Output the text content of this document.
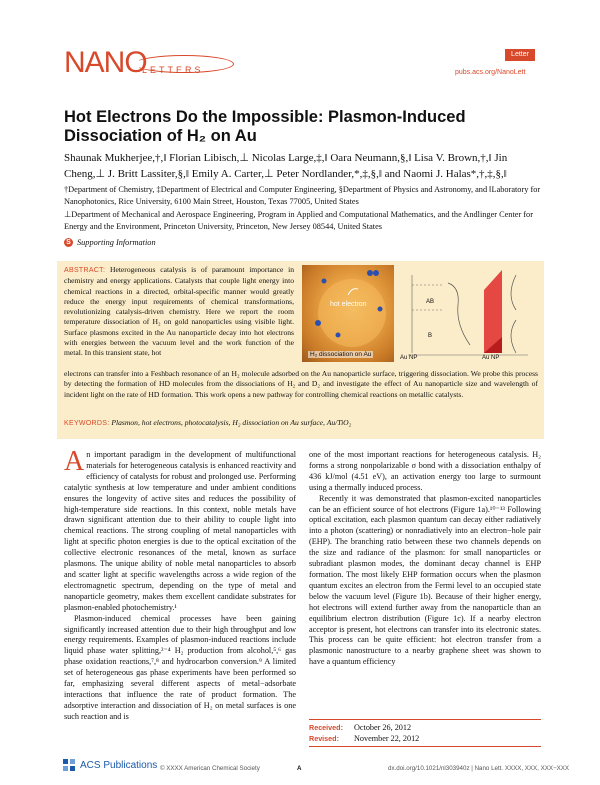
NANO
LETTERS
Letter
pubs.acs.org/NanoLett
Hot Electrons Do the Impossible: Plasmon-Induced Dissociation of H₂ on Au
Shaunak Mukherjee,†,‖ Florian Libisch,⊥ Nicolas Large,‡,‖ Oara Neumann,§,‖ Lisa V. Brown,†,‖ Jin Cheng,⊥ J. Britt Lassiter,§,‖ Emily A. Carter,⊥ Peter Nordlander,*,‡,§,‖ and Naomi J. Halas*,†,‡,§,‖
†Department of Chemistry, ‡Department of Electrical and Computer Engineering, §Department of Physics and Astronomy, and ‖Laboratory for Nanophotonics, Rice University, 6100 Main Street, Houston, Texas 77005, United States
⊥Department of Mechanical and Aerospace Engineering, Program in Applied and Computational Mathematics, and the Andlinger Center for Energy and the Environment, Princeton University, Princeton, New Jersey 08544, United States
S Supporting Information
ABSTRACT: Heterogeneous catalysis is of paramount importance in chemistry and energy applications. Catalysts that couple light energy into chemical reactions in a directed, orbital-specific manner would greatly reduce the energy input requirements of chemical transformations, revolutionizing catalysis-driven chemistry. Here we report the room temperature dissociation of H₂ on gold nanoparticles using visible light. Surface plasmons excited in the Au nanoparticle decay into hot electrons with energies between the vacuum level and the work function of the metal. In this transient state, hot
electrons can transfer into a Feshbach resonance of an H₂ molecule adsorbed on the Au nanoparticle surface, triggering dissociation. We probe this process by detecting the formation of HD molecules from the dissociations of H₂ and D₂ and investigate the effect of Au nanoparticle size and wavelength of incident light on the rate of HD formation. This work opens a new pathway for controlling chemical reactions on metallic catalysts.
KEYWORDS: Plasmon, hot electrons, photocatalysis, H₂ dissociation on Au surface, Au/TiO₂
hot electron
H₂ dissociation on Au
AB
B
Au NP	Au NP

An important paradigm in the development of multifunctional materials for heterogeneous catalysis is enhanced reactivity and efficiency of catalysts for robust and prolonged use. Performing catalytic synthesis at low temperature and under ambient conditions ensures the longevity of active sites and reduces the possibility of high-temperature side reactions. In this context, noble metals have drawn significant attention due to their ability to couple light into chemical reactions. The strong coupling of metal nanoparticles with light at specific photon energies is due to the optical excitation of the collective electronic resonances of the metal, known as surface plasmons. The unique ability of noble metal nanoparticles to absorb and scatter light at specific wavelengths across a wide region of the electromagnetic spectrum, depending on the type of metal and nanoparticle geometry, makes them excellent candidate substrates for plasmon-enabled photochemistry.¹

Plasmon-induced chemical processes have been gaining significantly increased attention due to their high throughput and low energy requirements. Examples of plasmon-induced reactions include liquid phase water splitting,²⁻⁴ H₂ production from alcohol,⁵,⁶ gas phase oxidation reactions,⁷,⁸ and hydrocarbon conversion.⁹ A limited set of heterogeneous gas phase experiments have been performed so far, emphasizing several different aspects of metal−adsorbate interactions that influence the rate of product formation. The adsorptive interaction and dissociation of H₂ on metal surfaces is one such reaction and is

one of the most important reactions for heterogeneous catalysis. H₂ forms a strong nonpolarizable σ bond with a dissociation enthalpy of 436 kJ/mol (4.51 eV), an activation energy too large to surmount using a thermally induced process.

Recently it was demonstrated that plasmon-excited nanoparticles can be an efficient source of hot electrons (Figure 1a).¹⁰⁻¹³ Following optical excitation, each plasmon quantum can decay either radiatively into a photon (scattering) or nonradiatively into an electron−hole pair (EHP). The branching ratio between these two channels depends on the size and radiance of the plasmon: for small nanoparticles or subradiant plasmon modes, the dominant decay channel is EHP formation. The most likely EHP formation occurs when the plasmon quantum excites an electron from the Fermi level to an occupied state below the vacuum level (Figure 1b). Because of their higher energy, hot electrons will extend further away from the nanoparticle than an equilibrium electron distribution (Figure 1c). If a nearby electron acceptor is present, hot electrons can transfer into its electronic states. This process can be quite efficient: hot electron transfer from a plasmonic nanostructure to a nearby graphene sheet was shown to have a quantum efficiency

Received: October 26, 2012
Revised: November 22, 2012
ACS Publications © XXXX American Chemical Society	A	dx.doi.org/10.1021/nl303940z | Nano Lett. XXXX, XXX, XXX−XXX
